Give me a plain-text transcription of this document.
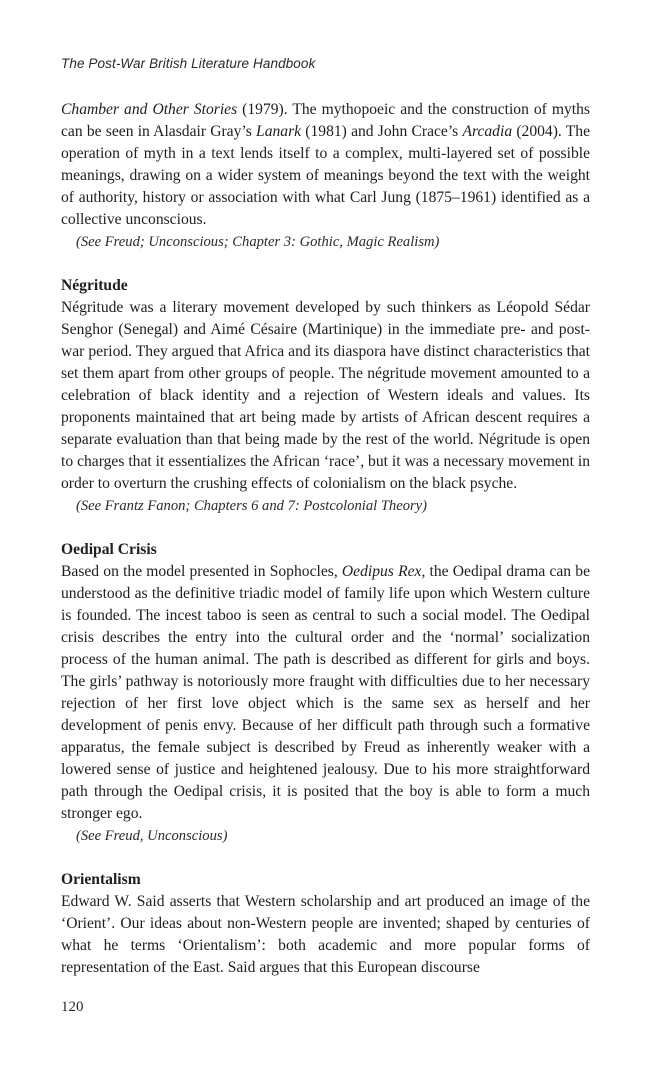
The Post-War British Literature Handbook

Chamber and Other Stories (1979). The mythopoeic and the construction of myths can be seen in Alasdair Gray’s Lanark (1981) and John Crace’s Arcadia (2004). The operation of myth in a text lends itself to a complex, multi-layered set of possible meanings, drawing on a wider system of meanings beyond the text with the weight of authority, history or association with what Carl Jung (1875–1961) identified as a collective unconscious.

(See Freud; Unconscious; Chapter 3: Gothic, Magic Realism)

Négritude

Négritude was a literary movement developed by such thinkers as Léopold Sédar Senghor (Senegal) and Aimé Césaire (Martinique) in the immediate pre- and post-war period. They argued that Africa and its diaspora have distinct characteristics that set them apart from other groups of people. The négritude movement amounted to a celebration of black identity and a rejection of Western ideals and values. Its proponents maintained that art being made by artists of African descent requires a separate evaluation than that being made by the rest of the world. Négritude is open to charges that it essentializes the African ‘race’, but it was a necessary movement in order to overturn the crushing effects of colonialism on the black psyche.

(See Frantz Fanon; Chapters 6 and 7: Postcolonial Theory)

Oedipal Crisis

Based on the model presented in Sophocles, Oedipus Rex, the Oedipal drama can be understood as the definitive triadic model of family life upon which Western culture is founded. The incest taboo is seen as central to such a social model. The Oedipal crisis describes the entry into the cultural order and the ‘normal’ socialization process of the human animal. The path is described as different for girls and boys. The girls’ pathway is notoriously more fraught with difficulties due to her necessary rejection of her first love object which is the same sex as herself and her development of penis envy. Because of her difficult path through such a formative apparatus, the female subject is described by Freud as inherently weaker with a lowered sense of justice and heightened jealousy. Due to his more straightforward path through the Oedipal crisis, it is posited that the boy is able to form a much stronger ego.

(See Freud, Unconscious)

Orientalism

Edward W. Said asserts that Western scholarship and art produced an image of the ‘Orient’. Our ideas about non-Western people are invented; shaped by centuries of what he terms ‘Orientalism’: both academic and more popular forms of representation of the East. Said argues that this European discourse

120
